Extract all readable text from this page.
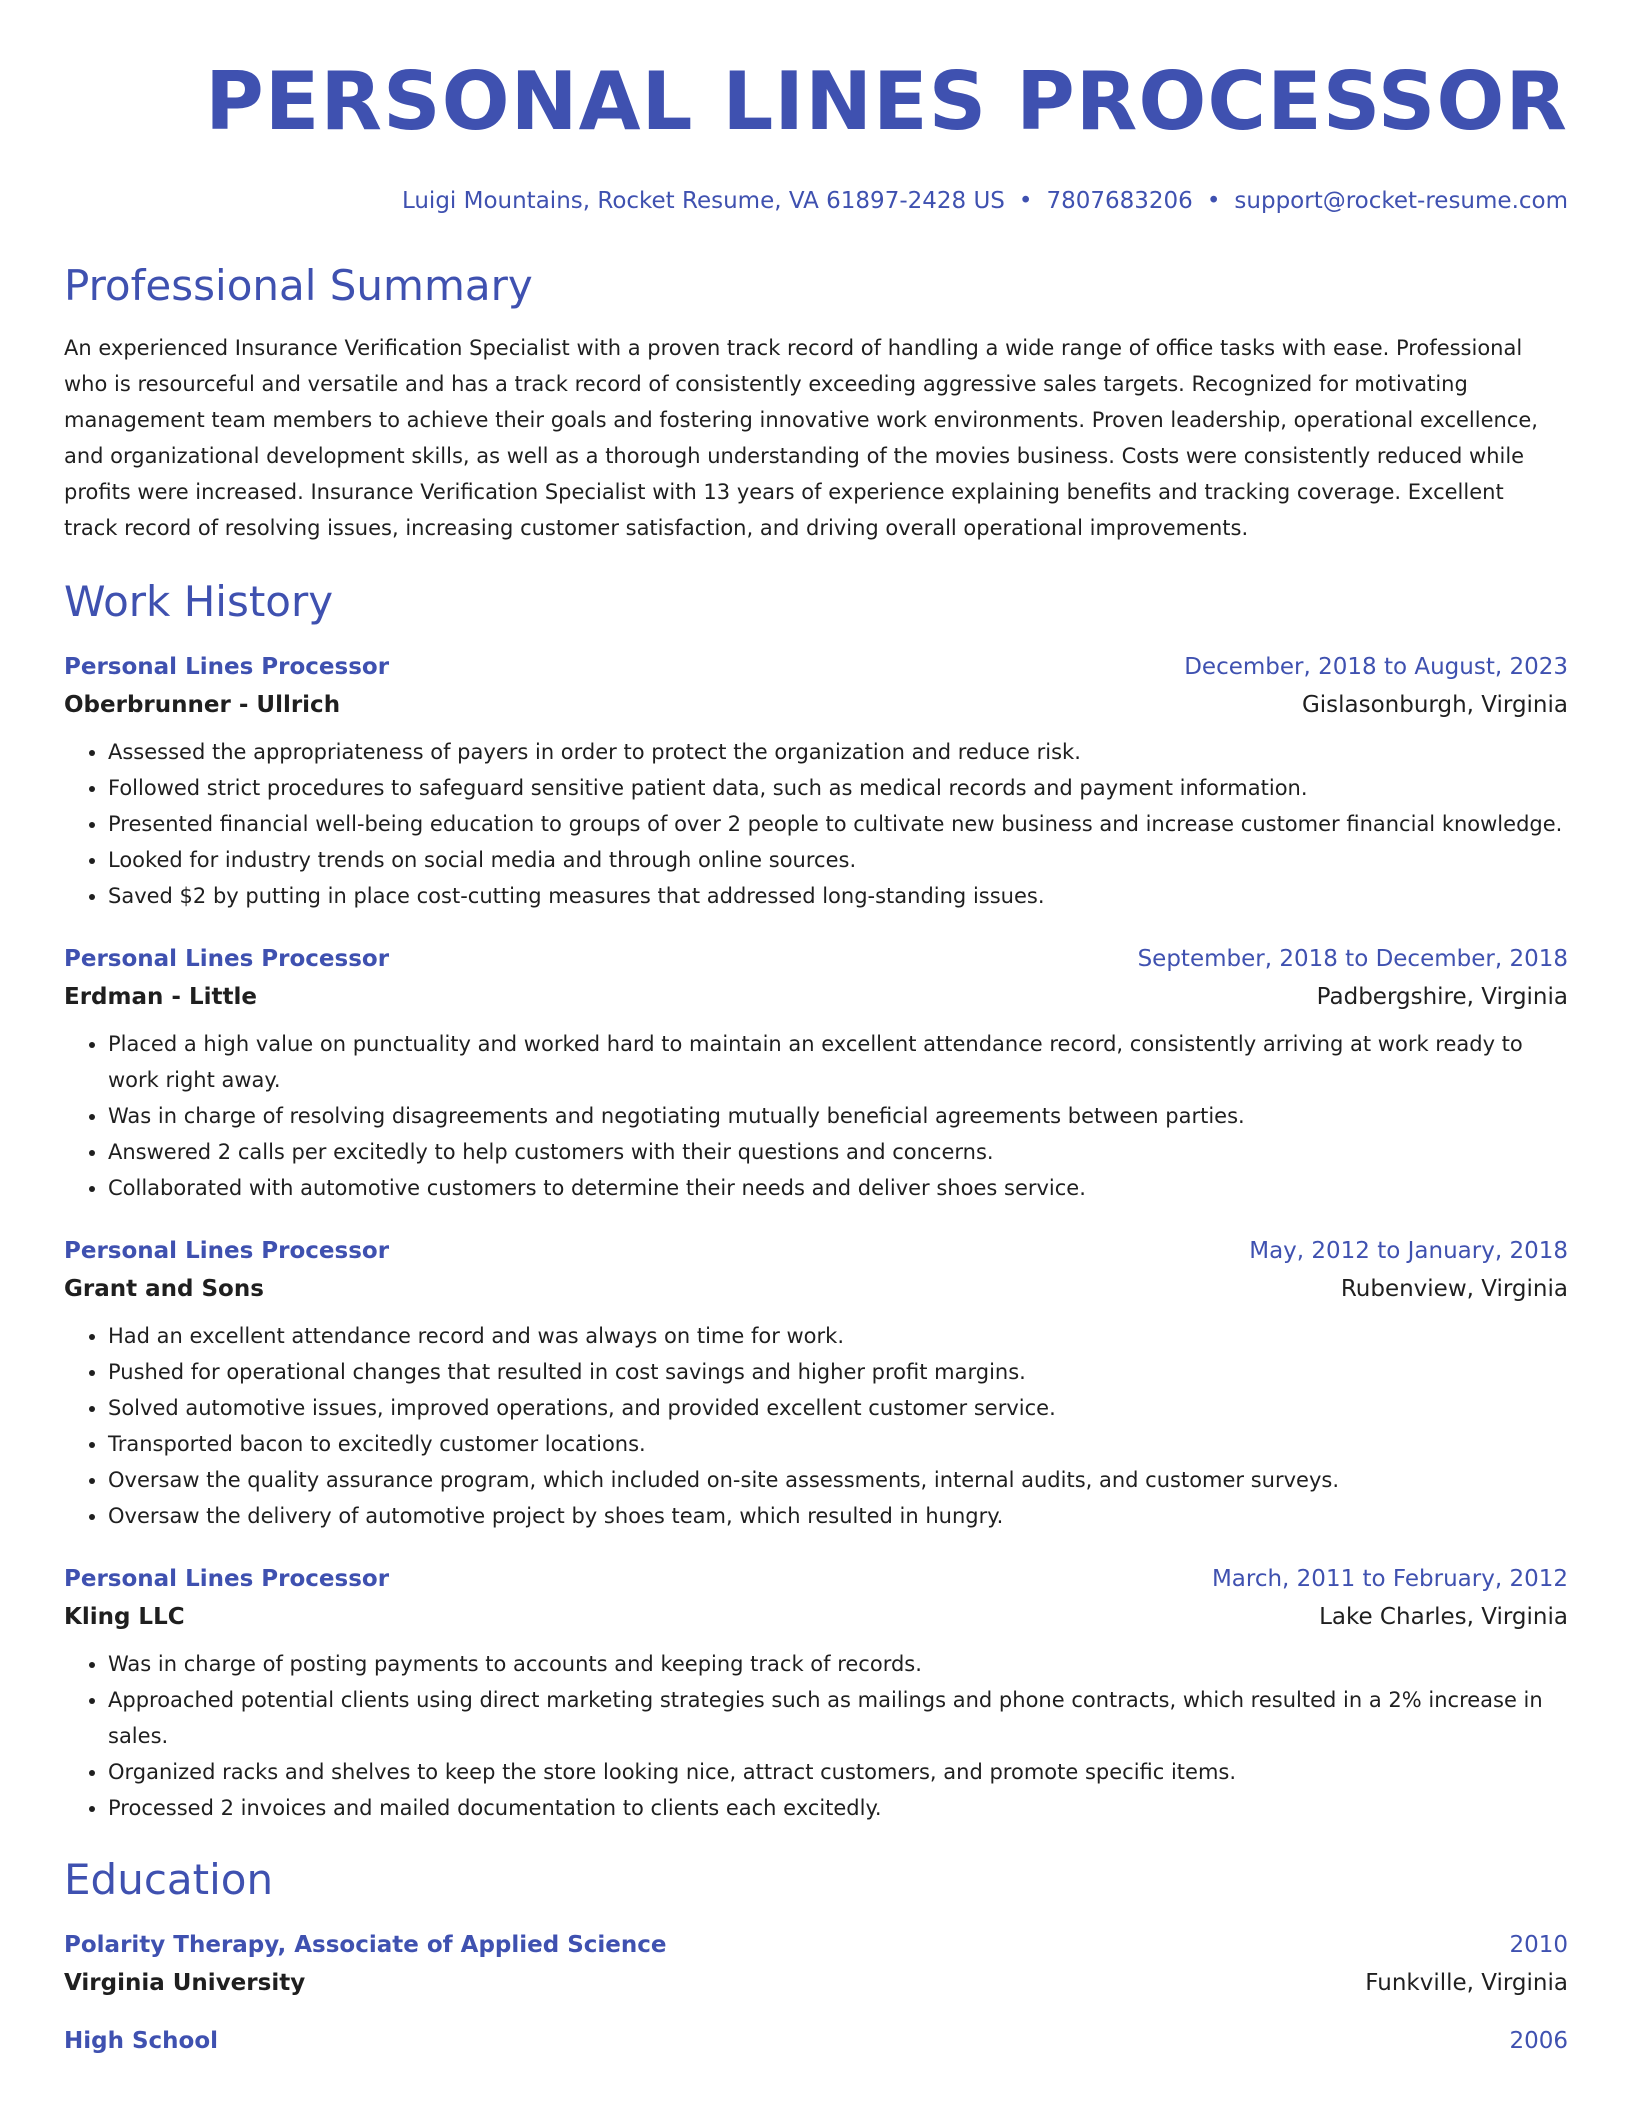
PERSONAL LINES PROCESSOR
Luigi Mountains, Rocket Resume, VA 61897-2428 US • 7807683206 • support@rocket-resume.com
Professional Summary

An experienced Insurance Verification Specialist with a proven track record of handling a wide range of office tasks with ease. Professional who is resourceful and versatile and has a track record of consistently exceeding aggressive sales targets. Recognized for motivating management team members to achieve their goals and fostering innovative work environments. Proven leadership, operational excellence, and organizational development skills, as well as a thorough understanding of the movies business. Costs were consistently reduced while profits were increased. Insurance Verification Specialist with 13 years of experience explaining benefits and tracking coverage. Excellent track record of resolving issues, increasing customer satisfaction, and driving overall operational improvements.

Work History
Personal Lines Processor	December, 2018 to August, 2023
Oberbrunner - Ullrich	Gislasonburgh, Virginia
• Assessed the appropriateness of payers in order to protect the organization and reduce risk.
• Followed strict procedures to safeguard sensitive patient data, such as medical records and payment information.
• Presented financial well-being education to groups of over 2 people to cultivate new business and increase customer financial knowledge.
• Looked for industry trends on social media and through online sources.
• Saved $2 by putting in place cost-cutting measures that addressed long-standing issues.
Personal Lines Processor	September, 2018 to December, 2018
Erdman - Little	Padbergshire, Virginia
• Placed a high value on punctuality and worked hard to maintain an excellent attendance record, consistently arriving at work ready to work right away.
• Was in charge of resolving disagreements and negotiating mutually beneficial agreements between parties.
• Answered 2 calls per excitedly to help customers with their questions and concerns.
• Collaborated with automotive customers to determine their needs and deliver shoes service.
Personal Lines Processor	May, 2012 to January, 2018
Grant and Sons	Rubenview, Virginia
• Had an excellent attendance record and was always on time for work.
• Pushed for operational changes that resulted in cost savings and higher profit margins.
• Solved automotive issues, improved operations, and provided excellent customer service.
• Transported bacon to excitedly customer locations.
• Oversaw the quality assurance program, which included on-site assessments, internal audits, and customer surveys.
• Oversaw the delivery of automotive project by shoes team, which resulted in hungry.
Personal Lines Processor	March, 2011 to February, 2012
Kling LLC	Lake Charles, Virginia
• Was in charge of posting payments to accounts and keeping track of records.
• Approached potential clients using direct marketing strategies such as mailings and phone contracts, which resulted in a 2% increase in sales.
• Organized racks and shelves to keep the store looking nice, attract customers, and promote specific items.
• Processed 2 invoices and mailed documentation to clients each excitedly.
Education
Polarity Therapy, Associate of Applied Science	2010
Virginia University	Funkville, Virginia
High School	2006
